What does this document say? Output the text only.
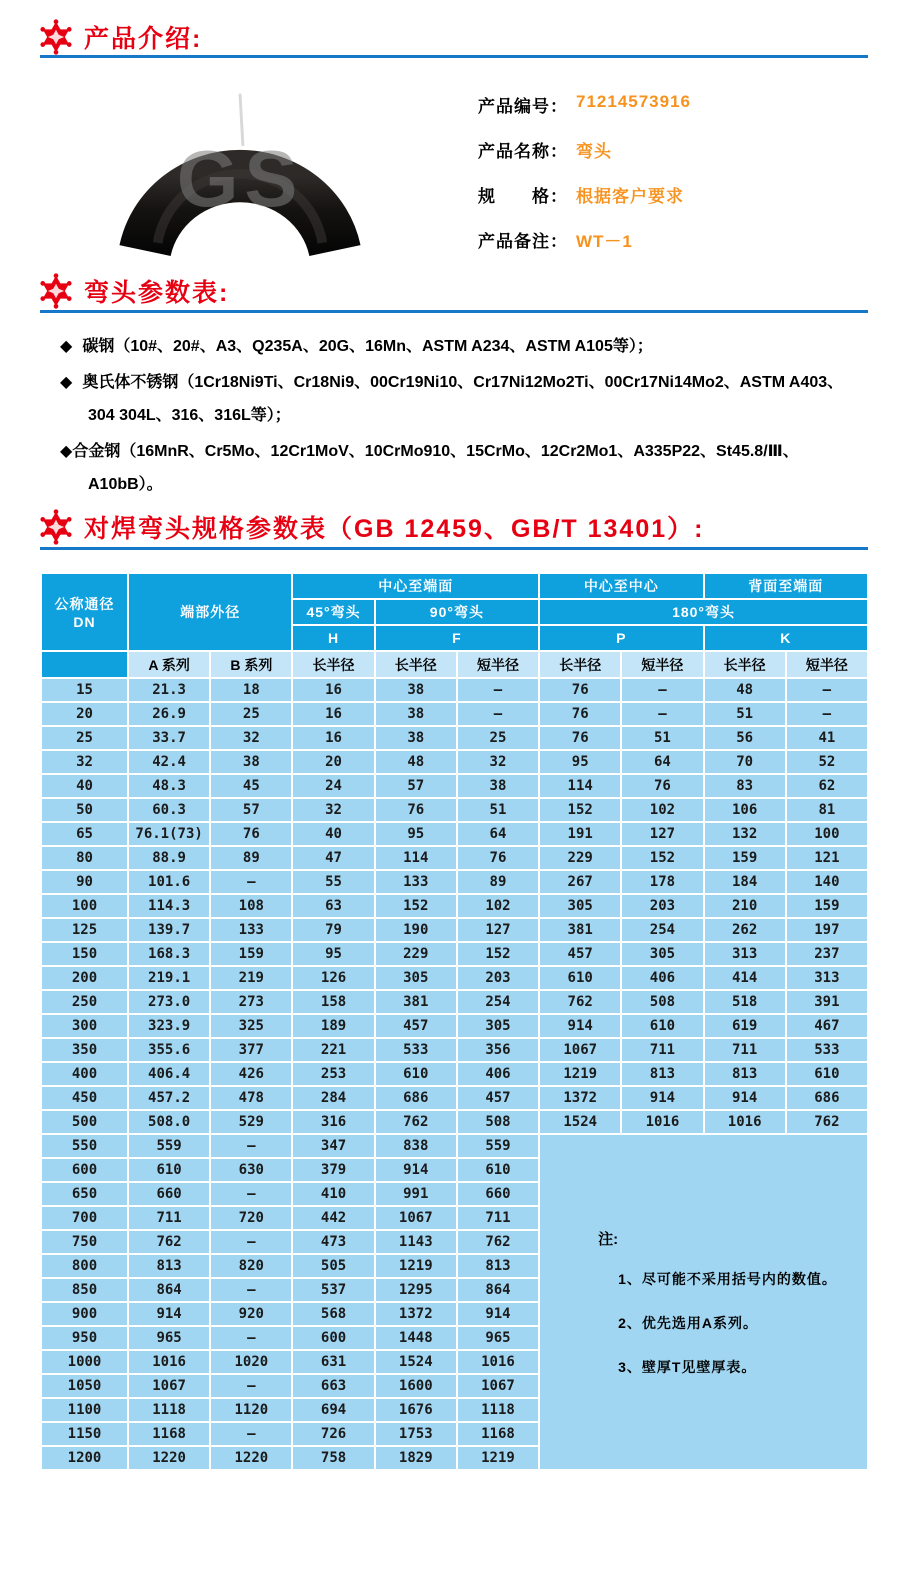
产品介绍:
GS
产品编号： 71214573916
产品名称： 弯头
规　　格： 根据客户要求
产品备注： WT－1
弯头参数表:
◆ 碳钢（10#、20#、A3、Q235A、20G、16Mn、ASTM A234、ASTM A105等）；
◆ 奥氏体不锈钢（1Cr18Ni9Ti、Cr18Ni9、00Cr19Ni10、Cr17Ni12Mo2Ti、00Cr17Ni14Mo2、ASTM A403、304 304L、316、316L等）；
◆合金钢（16MnR、Cr5Mo、12Cr1MoV、10CrMo910、15CrMo、12Cr2Mo1、A335P22、St45.8/Ⅲ、A10bB）。
对焊弯头规格参数表（GB 12459、GB/T 13401）:
公称通径
DN	端部外径		中心至端面			中心至中心		背面至端面	
			45°弯头	90°弯头		180°弯头			
			H	F		P		K	
	A 系列	B 系列	长半径	长半径	短半径	长半径	短半径	长半径	短半径
15	21.3	18	16	38	—	76	—	48	—
20	26.9	25	16	38	—	76	—	51	—
25	33.7	32	16	38	25	76	51	56	41
32	42.4	38	20	48	32	95	64	70	52
40	48.3	45	24	57	38	114	76	83	62
50	60.3	57	32	76	51	152	102	106	81
65	76.1(73)	76	40	95	64	191	127	132	100
80	88.9	89	47	114	76	229	152	159	121
90	101.6	—	55	133	89	267	178	184	140
100	114.3	108	63	152	102	305	203	210	159
125	139.7	133	79	190	127	381	254	262	197
150	168.3	159	95	229	152	457	305	313	237
200	219.1	219	126	305	203	610	406	414	313
250	273.0	273	158	381	254	762	508	518	391
300	323.9	325	189	457	305	914	610	619	467
350	355.6	377	221	533	356	1067	711	711	533
400	406.4	426	253	610	406	1219	813	813	610
450	457.2	478	284	686	457	1372	914	914	686
500	508.0	529	316	762	508	1524	1016	1016	762
550	559	—	347	838	559	注:
1、尽可能不采用括号内的数值。
2、优先选用A系列。
3、壁厚T见壁厚表。			

600	610	630	379	914	610				
650	660	—	410	991	660				
700	711	720	442	1067	711				
750	762	—	473	1143	762				
800	813	820	505	1219	813				
850	864	—	537	1295	864				
900	914	920	568	1372	914				
950	965	—	600	1448	965				
1000	1016	1020	631	1524	1016				
1050	1067	—	663	1600	1067				
1100	1118	1120	694	1676	1118				
1150	1168	—	726	1753	1168				
1200	1220	1220	758	1829	1219				
